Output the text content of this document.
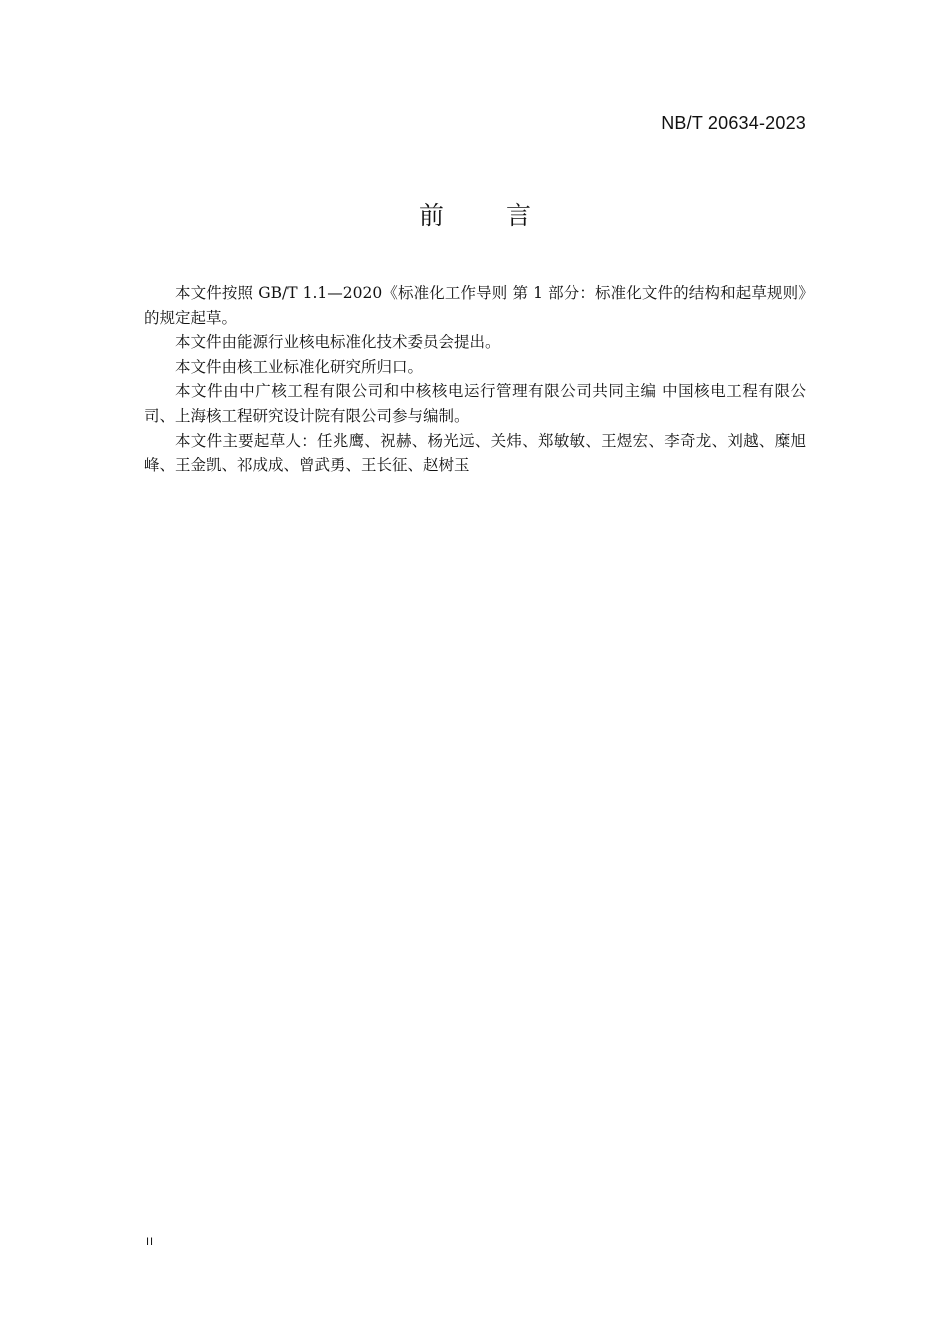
NB/T 20634-2023
前言

本文件按照 GB/T 1.1—2020《标准化工作导则 第 1 部分：标准化文件的结构和起草规则》的规定起草。

本文件由能源行业核电标准化技术委员会提出。

本文件由核工业标准化研究所归口。

本文件由中广核工程有限公司和中核核电运行管理有限公司共同主编 中国核电工程有限公司、上海核工程研究设计院有限公司参与编制。

本文件主要起草人：任兆鹰、祝赫、杨光远、关炜、郑敏敏、王煜宏、李奇龙、刘越、糜旭峰、王金凯、祁成成、曾武勇、王长征、赵树玉

II
